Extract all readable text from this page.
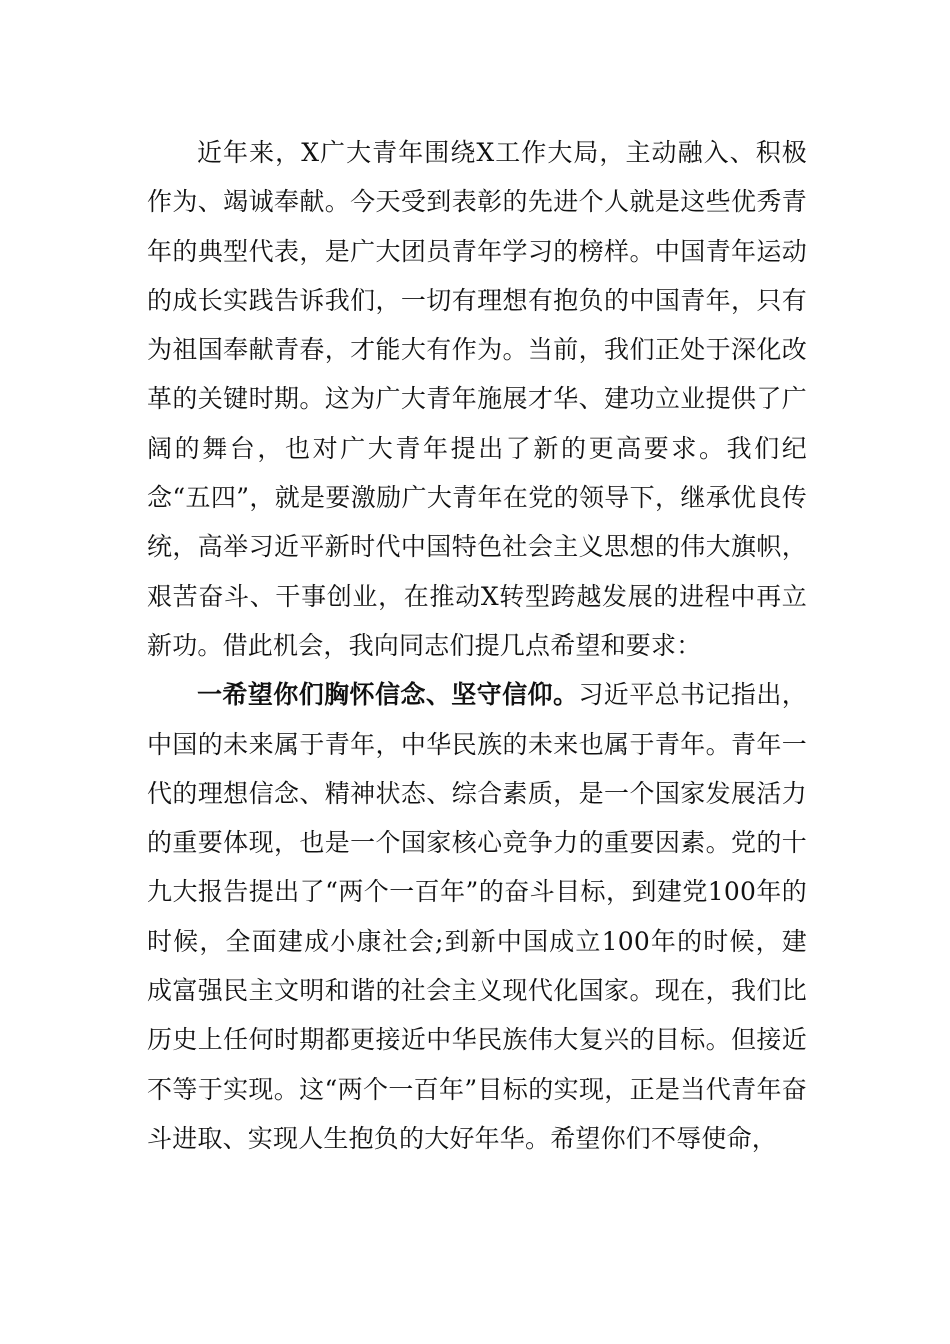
近年来，X广大青年围绕X工作大局，主动融入、积极作为、竭诚奉献。今天受到表彰的先进个人就是这些优秀青年的典型代表，是广大团员青年学习的榜样。中国青年运动的成长实践告诉我们，一切有理想有抱负的中国青年，只有为祖国奉献青春，才能大有作为。当前，我们正处于深化改革的关键时期。这为广大青年施展才华、建功立业提供了广阔的舞台，也对广大青年提出了新的更高要求。我们纪念“五四”，就是要激励广大青年在党的领导下，继承优良传统，高举习近平新时代中国特色社会主义思想的伟大旗帜，艰苦奋斗、干事创业，在推动X转型跨越发展的进程中再立新功。借此机会，我向同志们提几点希望和要求：

一希望你们胸怀信念、坚守信仰。习近平总书记指出，中国的未来属于青年，中华民族的未来也属于青年。青年一代的理想信念、精神状态、综合素质，是一个国家发展活力的重要体现，也是一个国家核心竞争力的重要因素。党的十九大报告提出了“两个一百年”的奋斗目标，到建党100年的时候，全面建成小康社会;到新中国成立100年的时候，建成富强民主文明和谐的社会主义现代化国家。现在，我们比历史上任何时期都更接近中华民族伟大复兴的目标。但接近不等于实现。这“两个一百年”目标的实现，正是当代青年奋斗进取、实现人生抱负的大好年华。希望你们不辱使命，
